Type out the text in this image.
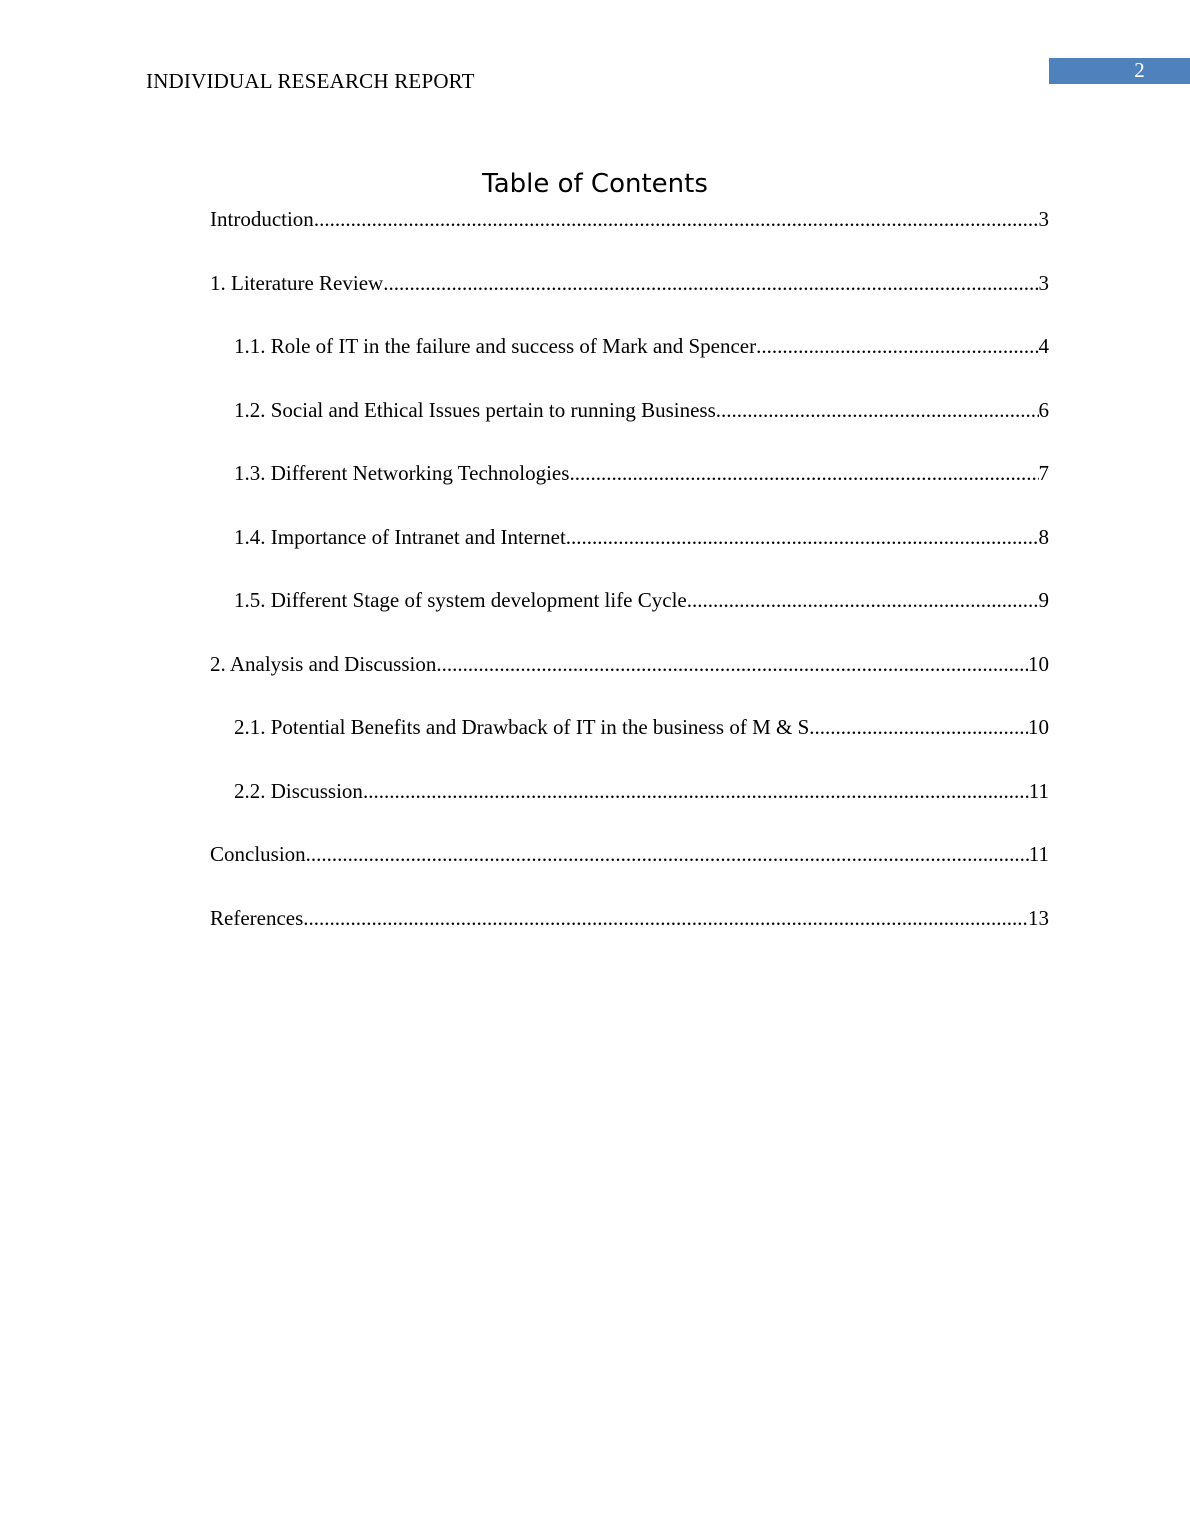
INDIVIDUAL RESEARCH REPORT	2
Table of Contents
Introduction .....	3
1. Literature Review .....	3
1.1. Role of IT in the failure and success of Mark and Spencer .....	4
1.2. Social and Ethical Issues pertain to running Business .....	6
1.3. Different Networking Technologies .....	7
1.4. Importance of Intranet and Internet .....	8
1.5. Different Stage of system development life Cycle .....	9
2. Analysis and Discussion .....	10
2.1. Potential Benefits and Drawback of IT in the business of M & S .....	10
2.2. Discussion .....	11
Conclusion .....	11
References .....	13
